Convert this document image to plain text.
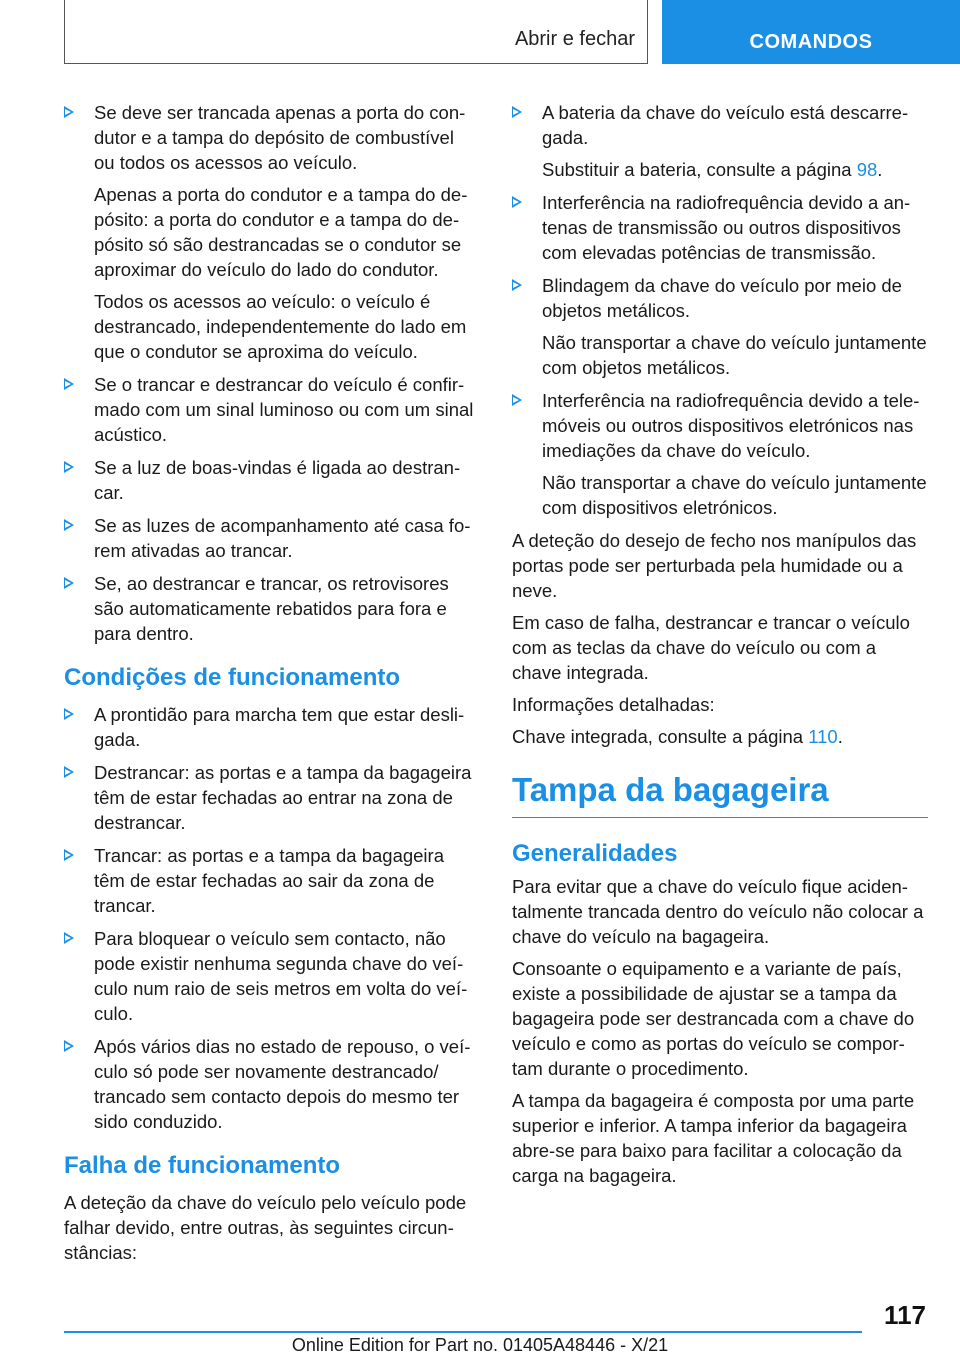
Abrir e fechar	COMANDOS

Se deve ser trancada apenas a porta do condutor e a tampa do depósito de combustível ou todos os acessos ao veículo.

Apenas a porta do condutor e a tampa do depósito: a porta do condutor e a tampa do depósito só são destrancadas se o condutor se aproximar do veículo do lado do condutor.

Todos os acessos ao veículo: o veículo é destrancado, independentemente do lado em que o condutor se aproxima do veículo.

Se o trancar e destrancar do veículo é confirmado com um sinal luminoso ou com um sinal acústico.

Se a luz de boas-vindas é ligada ao destrancar.

Se as luzes de acompanhamento até casa forem ativadas ao trancar.

Se, ao destrancar e trancar, os retrovisores são automaticamente rebatidos para fora e para dentro.

Condições de funcionamento

A prontidão para marcha tem que estar desligada.

Destrancar: as portas e a tampa da bagageira têm de estar fechadas ao entrar na zona de destrancar.

Trancar: as portas e a tampa da bagageira têm de estar fechadas ao sair da zona de trancar.

Para bloquear o veículo sem contacto, não pode existir nenhuma segunda chave do veículo num raio de seis metros em volta do veículo.

Após vários dias no estado de repouso, o veículo só pode ser novamente destrancado/ trancado sem contacto depois do mesmo ter sido conduzido.

Falha de funcionamento

A deteção da chave do veículo pelo veículo pode falhar devido, entre outras, às seguintes circunstâncias:

A bateria da chave do veículo está descarregada.

Substituir a bateria, consulte a página 98.

Interferência na radiofrequência devido a antenas de transmissão ou outros dispositivos com elevadas potências de transmissão.

Blindagem da chave do veículo por meio de objetos metálicos.

Não transportar a chave do veículo juntamente com objetos metálicos.

Interferência na radiofrequência devido a telemóveis ou outros dispositivos eletrónicos nas imediações da chave do veículo.

Não transportar a chave do veículo juntamente com dispositivos eletrónicos.

A deteção do desejo de fecho nos manípulos das portas pode ser perturbada pela humidade ou a neve.

Em caso de falha, destrancar e trancar o veículo com as teclas da chave do veículo ou com a chave integrada.

Informações detalhadas:

Chave integrada, consulte a página 110.

Tampa da bagageira
Generalidades

Para evitar que a chave do veículo fique acidentalmente trancada dentro do veículo não colocar a chave do veículo na bagageira.

Consoante o equipamento e a variante de país, existe a possibilidade de ajustar se a tampa da bagageira pode ser destrancada com a chave do veículo e como as portas do veículo se comportam durante o procedimento.

A tampa da bagageira é composta por uma parte superior e inferior. A tampa inferior da bagageira abre-se para baixo para facilitar a colocação da carga na bagageira.

117
Online Edition for Part no. 01405A48446 - X/21
